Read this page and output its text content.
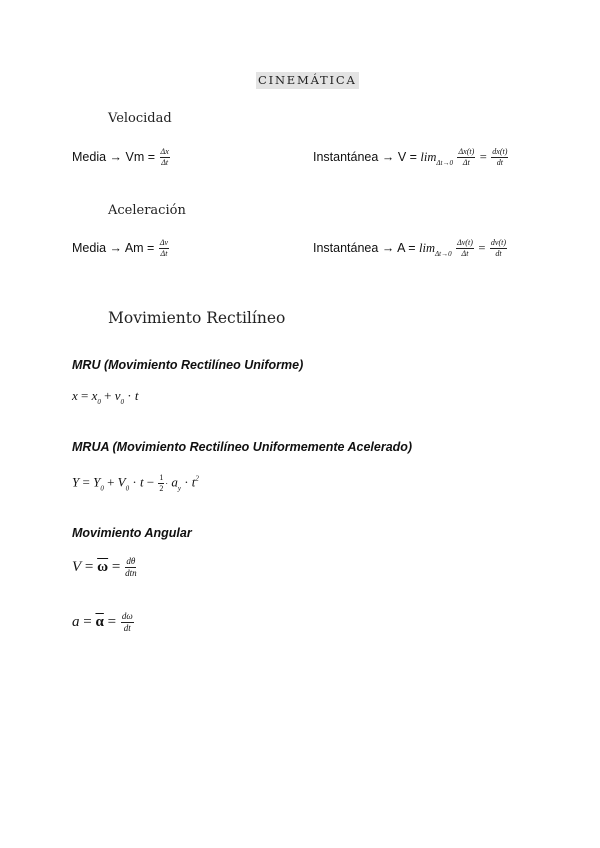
CINEMÁTICA
Velocidad
Media → $Vm = \frac{\Delta x}{\Delta t}$	Instantánea → $V = \lim_{\Delta t\to 0} \frac{\Delta x(t)}{\Delta t} = \frac{dx(t)}{dt}$
Aceleración
Media → $Am = \frac{\Delta v}{\Delta t}$	Instantánea → $A = \lim_{\Delta t\to 0} \frac{\Delta v(t)}{\Delta t} = \frac{dv(t)}{dt}$
Movimiento Rectilíneo
MRU (Movimiento Rectilíneo Uniforme)
$x = x_0 + v_0 \cdot t$
MRUA (Movimiento Rectilíneo Uniformemente Acelerado)
$Y = Y_0 + V_0 \cdot t - \frac{1}{2} \cdot a_y \cdot t^2$
Movimiento Angular
$V = \overline{\omega} = \frac{d\theta}{\text{dtn}}$
$a = \overline{\alpha} = \frac{d\omega}{dt}$
